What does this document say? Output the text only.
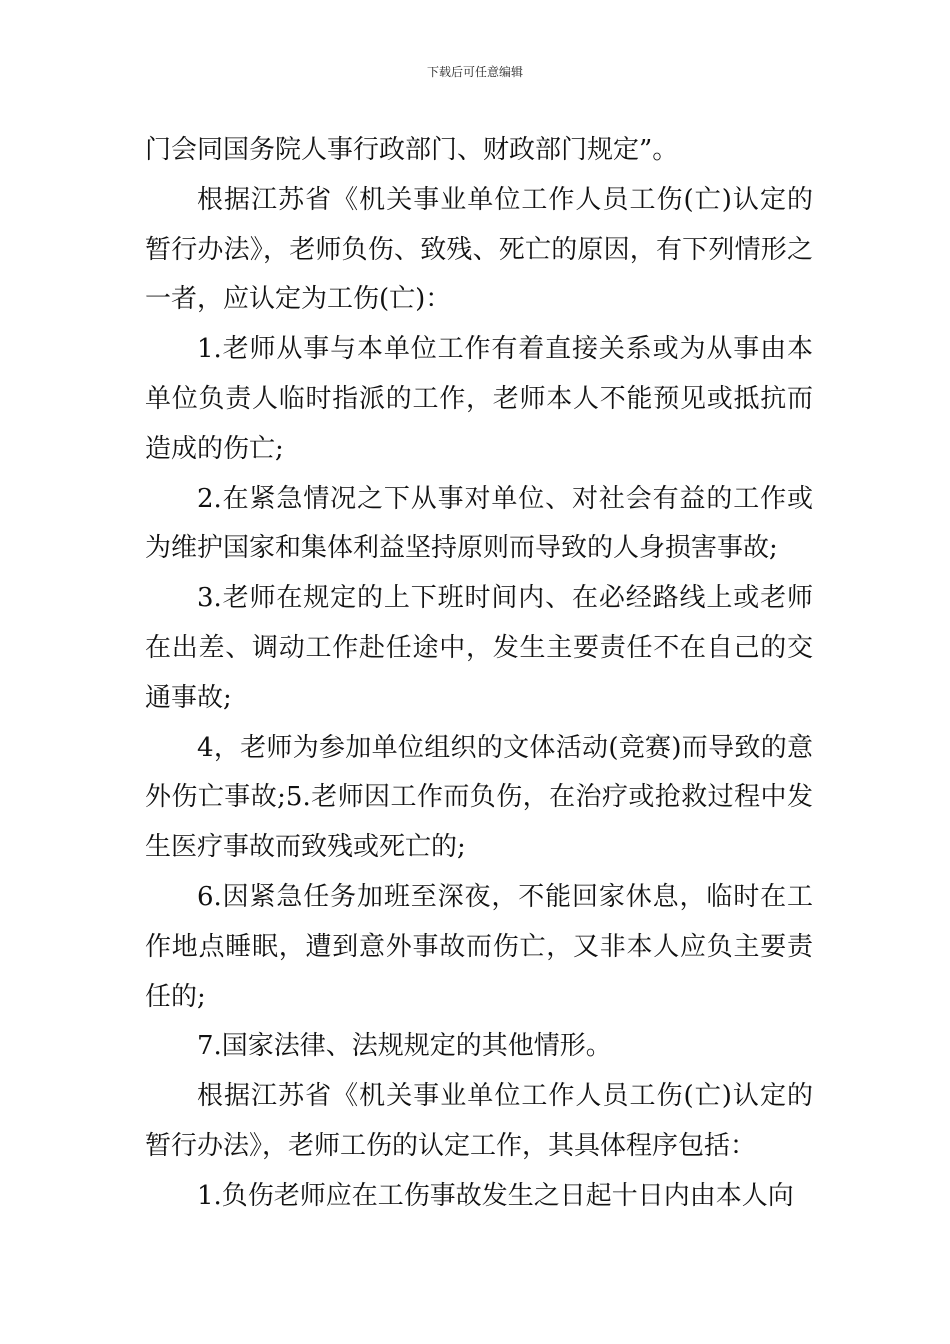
下载后可任意编辑

门会同国务院人事行政部门、财政部门规定”。

根据江苏省《机关事业单位工作人员工伤(亡)认定的暂行办法》，老师负伤、致残、死亡的原因，有下列情形之一者，应认定为工伤(亡)：

1.老师从事与本单位工作有着直接关系或为从事由本单位负责人临时指派的工作，老师本人不能预见或抵抗而造成的伤亡;

2.在紧急情况之下从事对单位、对社会有益的工作或为维护国家和集体利益坚持原则而导致的人身损害事故;

3.老师在规定的上下班时间内、在必经路线上或老师在出差、调动工作赴任途中，发生主要责任不在自己的交通事故;

4，老师为参加单位组织的文体活动(竞赛)而导致的意外伤亡事故;5.老师因工作而负伤，在治疗或抢救过程中发生医疗事故而致残或死亡的;

6.因紧急任务加班至深夜，不能回家休息，临时在工作地点睡眠，遭到意外事故而伤亡，又非本人应负主要责任的;

7.国家法律、法规规定的其他情形。

根据江苏省《机关事业单位工作人员工伤(亡)认定的暂行办法》，老师工伤的认定工作，其具体程序包括：

1.负伤老师应在工伤事故发生之日起十日内由本人向
